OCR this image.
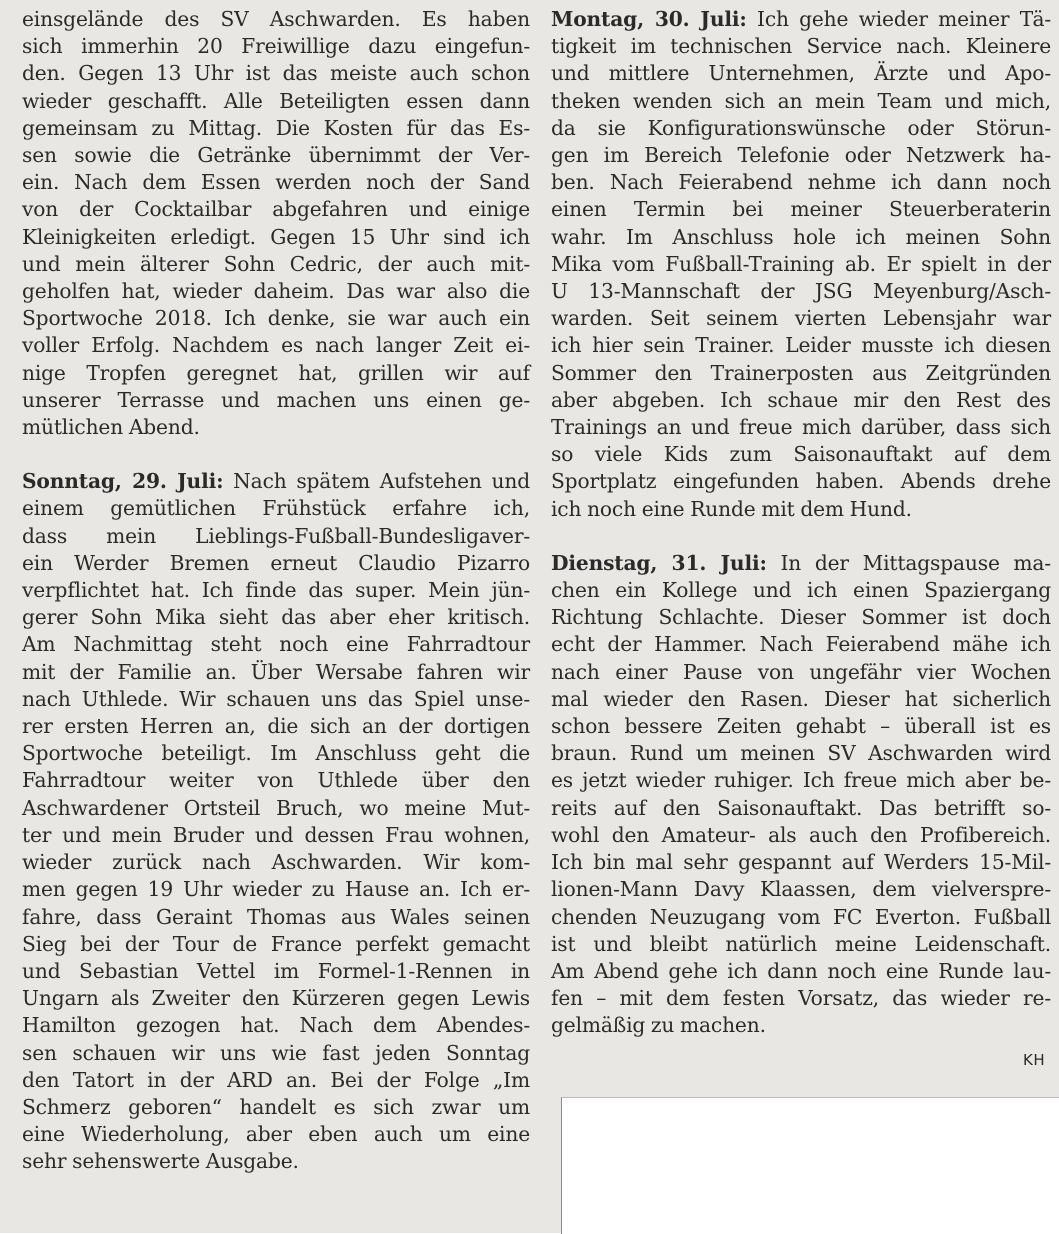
einsgelände des SV Aschwarden. Es haben
sich immerhin 20 Freiwillige dazu eingefun-
den. Gegen 13 Uhr ist das meiste auch schon
wieder geschafft. Alle Beteiligten essen dann
gemeinsam zu Mittag. Die Kosten für das Es-
sen sowie die Getränke übernimmt der Ver-
ein. Nach dem Essen werden noch der Sand
von der Cocktailbar abgefahren und einige
Kleinigkeiten erledigt. Gegen 15 Uhr sind ich
und mein älterer Sohn Cedric, der auch mit-
geholfen hat, wieder daheim. Das war also die
Sportwoche 2018. Ich denke, sie war auch ein
voller Erfolg. Nachdem es nach langer Zeit ei-
nige Tropfen geregnet hat, grillen wir auf
unserer Terrasse und machen uns einen ge-
mütlichen Abend.
Sonntag, 29. Juli: Nach spätem Aufstehen und
einem gemütlichen Frühstück erfahre ich,
dass mein Lieblings-Fußball-Bundesligaver-
ein Werder Bremen erneut Claudio Pizarro
verpflichtet hat. Ich finde das super. Mein jün-
gerer Sohn Mika sieht das aber eher kritisch.
Am Nachmittag steht noch eine Fahrradtour
mit der Familie an. Über Wersabe fahren wir
nach Uthlede. Wir schauen uns das Spiel unse-
rer ersten Herren an, die sich an der dortigen
Sportwoche beteiligt. Im Anschluss geht die
Fahrradtour weiter von Uthlede über den
Aschwardener Ortsteil Bruch, wo meine Mut-
ter und mein Bruder und dessen Frau wohnen,
wieder zurück nach Aschwarden. Wir kom-
men gegen 19 Uhr wieder zu Hause an. Ich er-
fahre, dass Geraint Thomas aus Wales seinen
Sieg bei der Tour de France perfekt gemacht
und Sebastian Vettel im Formel-1-Rennen in
Ungarn als Zweiter den Kürzeren gegen Lewis
Hamilton gezogen hat. Nach dem Abendes-
sen schauen wir uns wie fast jeden Sonntag
den Tatort in der ARD an. Bei der Folge „Im
Schmerz geboren“ handelt es sich zwar um
eine Wiederholung, aber eben auch um eine
sehr sehenswerte Ausgabe.
Montag, 30. Juli: Ich gehe wieder meiner Tä-
tigkeit im technischen Service nach. Kleinere
und mittlere Unternehmen, Ärzte und Apo-
theken wenden sich an mein Team und mich,
da sie Konfigurationswünsche oder Störun-
gen im Bereich Telefonie oder Netzwerk ha-
ben. Nach Feierabend nehme ich dann noch
einen Termin bei meiner Steuerberaterin
wahr. Im Anschluss hole ich meinen Sohn
Mika vom Fußball-Training ab. Er spielt in der
U 13-Mannschaft der JSG Meyenburg/Asch-
warden. Seit seinem vierten Lebensjahr war
ich hier sein Trainer. Leider musste ich diesen
Sommer den Trainerposten aus Zeitgründen
aber abgeben. Ich schaue mir den Rest des
Trainings an und freue mich darüber, dass sich
so viele Kids zum Saisonauftakt auf dem
Sportplatz eingefunden haben. Abends drehe
ich noch eine Runde mit dem Hund.
Dienstag, 31. Juli: In der Mittagspause ma-
chen ein Kollege und ich einen Spaziergang
Richtung Schlachte. Dieser Sommer ist doch
echt der Hammer. Nach Feierabend mähe ich
nach einer Pause von ungefähr vier Wochen
mal wieder den Rasen. Dieser hat sicherlich
schon bessere Zeiten gehabt – überall ist es
braun. Rund um meinen SV Aschwarden wird
es jetzt wieder ruhiger. Ich freue mich aber be-
reits auf den Saisonauftakt. Das betrifft so-
wohl den Amateur- als auch den Profibereich.
Ich bin mal sehr gespannt auf Werders 15-Mil-
lionen-Mann Davy Klaassen, dem vielverspre-
chenden Neuzugang vom FC Everton. Fußball
ist und bleibt natürlich meine Leidenschaft.
Am Abend gehe ich dann noch eine Runde lau-
fen – mit dem festen Vorsatz, das wieder re-
gelmäßig zu machen.
KH
